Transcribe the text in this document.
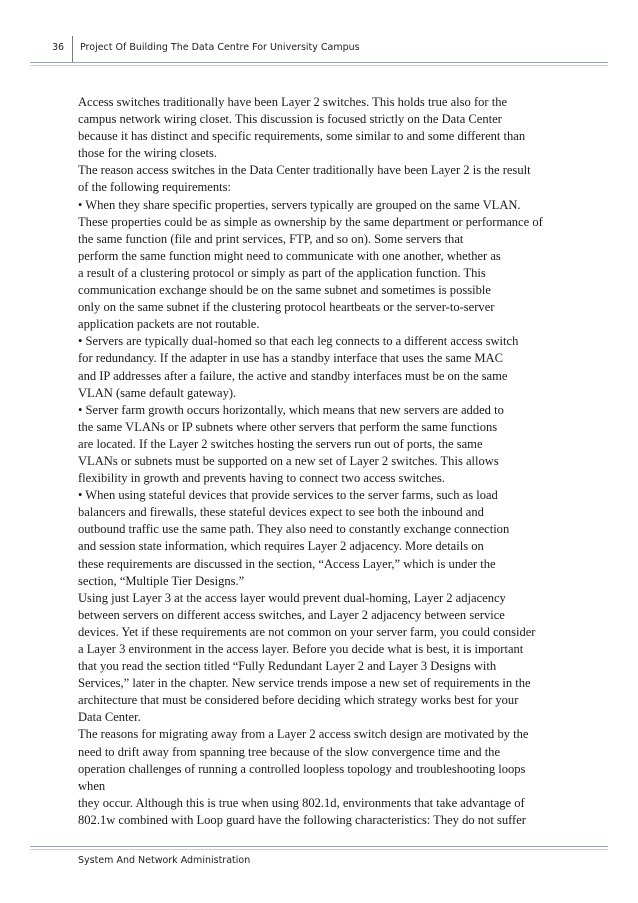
36 Project Of Building The Data Centre For University Campus
Access switches traditionally have been Layer 2 switches. This holds true also for the
campus network wiring closet. This discussion is focused strictly on the Data Center
because it has distinct and specific requirements, some similar to and some different than
those for the wiring closets.
The reason access switches in the Data Center traditionally have been Layer 2 is the result
of the following requirements:
• When they share specific properties, servers typically are grouped on the same VLAN.
These properties could be as simple as ownership by the same department or performance of
the same function (file and print services, FTP, and so on). Some servers that
perform the same function might need to communicate with one another, whether as
a result of a clustering protocol or simply as part of the application function. This
communication exchange should be on the same subnet and sometimes is possible
only on the same subnet if the clustering protocol heartbeats or the server-to-server
application packets are not routable.
• Servers are typically dual-homed so that each leg connects to a different access switch
for redundancy. If the adapter in use has a standby interface that uses the same MAC
and IP addresses after a failure, the active and standby interfaces must be on the same
VLAN (same default gateway).
• Server farm growth occurs horizontally, which means that new servers are added to
the same VLANs or IP subnets where other servers that perform the same functions
are located. If the Layer 2 switches hosting the servers run out of ports, the same
VLANs or subnets must be supported on a new set of Layer 2 switches. This allows
flexibility in growth and prevents having to connect two access switches.
• When using stateful devices that provide services to the server farms, such as load
balancers and firewalls, these stateful devices expect to see both the inbound and
outbound traffic use the same path. They also need to constantly exchange connection
and session state information, which requires Layer 2 adjacency. More details on
these requirements are discussed in the section, “Access Layer,” which is under the
section, “Multiple Tier Designs.”
Using just Layer 3 at the access layer would prevent dual-homing, Layer 2 adjacency
between servers on different access switches, and Layer 2 adjacency between service
devices. Yet if these requirements are not common on your server farm, you could consider
a Layer 3 environment in the access layer. Before you decide what is best, it is important
that you read the section titled “Fully Redundant Layer 2 and Layer 3 Designs with
Services,” later in the chapter. New service trends impose a new set of requirements in the
architecture that must be considered before deciding which strategy works best for your
Data Center.
The reasons for migrating away from a Layer 2 access switch design are motivated by the
need to drift away from spanning tree because of the slow convergence time and the
operation challenges of running a controlled loopless topology and troubleshooting loops
when
they occur. Although this is true when using 802.1d, environments that take advantage of
802.1w combined with Loop guard have the following characteristics: They do not suffer
System And Network Administration
